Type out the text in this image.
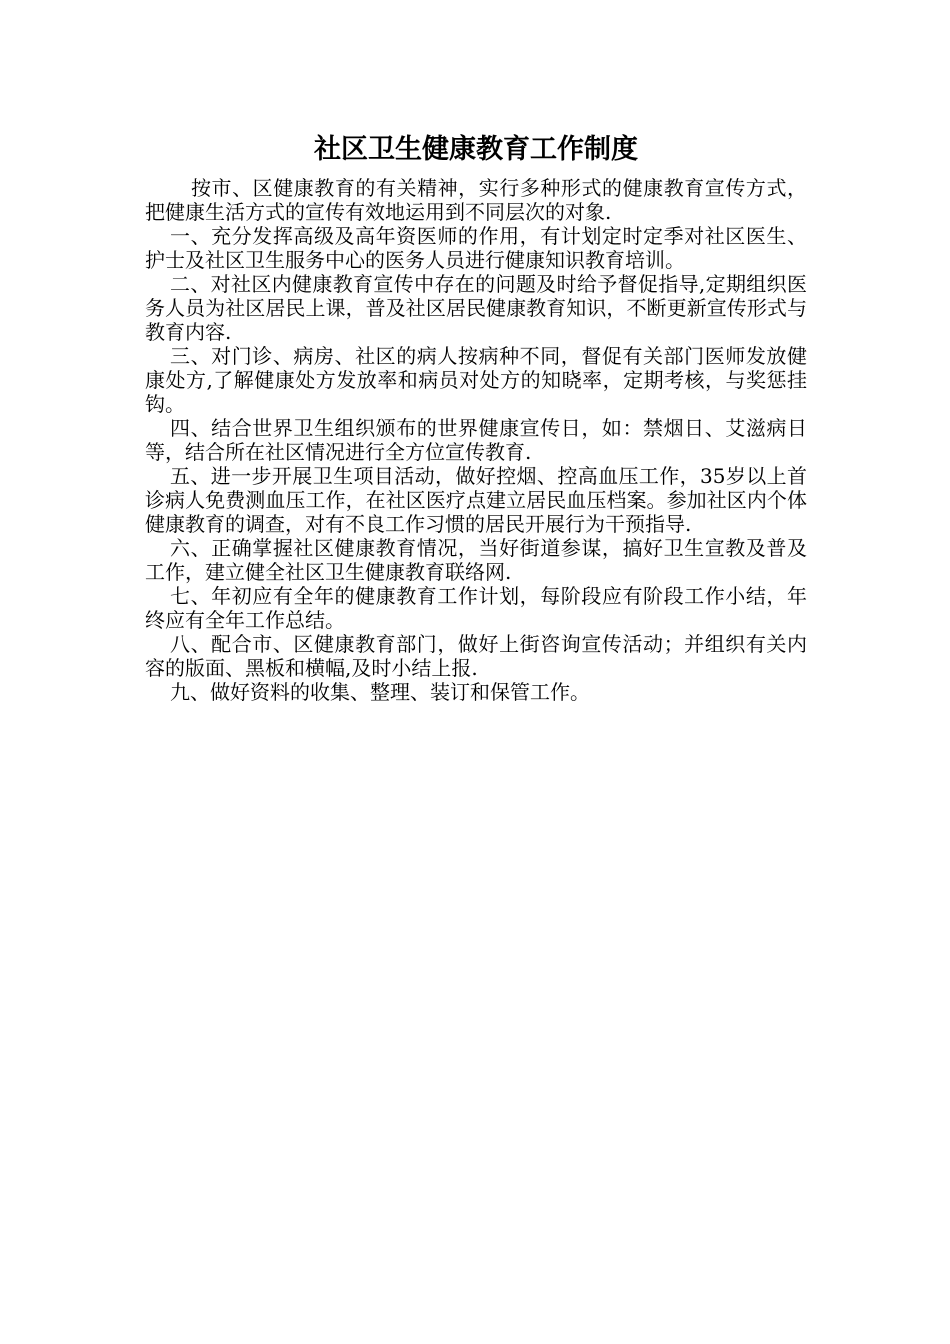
社区卫生健康教育工作制度

按市、区健康教育的有关精神，实行多种形式的健康教育宣传方式，把健康生活方式的宣传有效地运用到不同层次的对象.

一、充分发挥高级及高年资医师的作用，有计划定时定季对社区医生、护士及社区卫生服务中心的医务人员进行健康知识教育培训。

二、对社区内健康教育宣传中存在的问题及时给予督促指导,定期组织医务人员为社区居民上课，普及社区居民健康教育知识，不断更新宣传形式与教育内容.

三、对门诊、病房、社区的病人按病种不同，督促有关部门医师发放健康处方,了解健康处方发放率和病员对处方的知晓率，定期考核，与奖惩挂钩。

四、结合世界卫生组织颁布的世界健康宣传日，如：禁烟日、艾滋病日等，结合所在社区情况进行全方位宣传教育.

五、进一步开展卫生项目活动，做好控烟、控高血压工作，35岁以上首诊病人免费测血压工作，在社区医疗点建立居民血压档案。参加社区内个体健康教育的调查，对有不良工作习惯的居民开展行为干预指导.

六、正确掌握社区健康教育情况，当好街道参谋，搞好卫生宣教及普及工作，建立健全社区卫生健康教育联络网.

七、年初应有全年的健康教育工作计划，每阶段应有阶段工作小结，年终应有全年工作总结。

八、配合市、区健康教育部门，做好上街咨询宣传活动；并组织有关内容的版面、黑板和横幅,及时小结上报.

九、做好资料的收集、整理、装订和保管工作。
